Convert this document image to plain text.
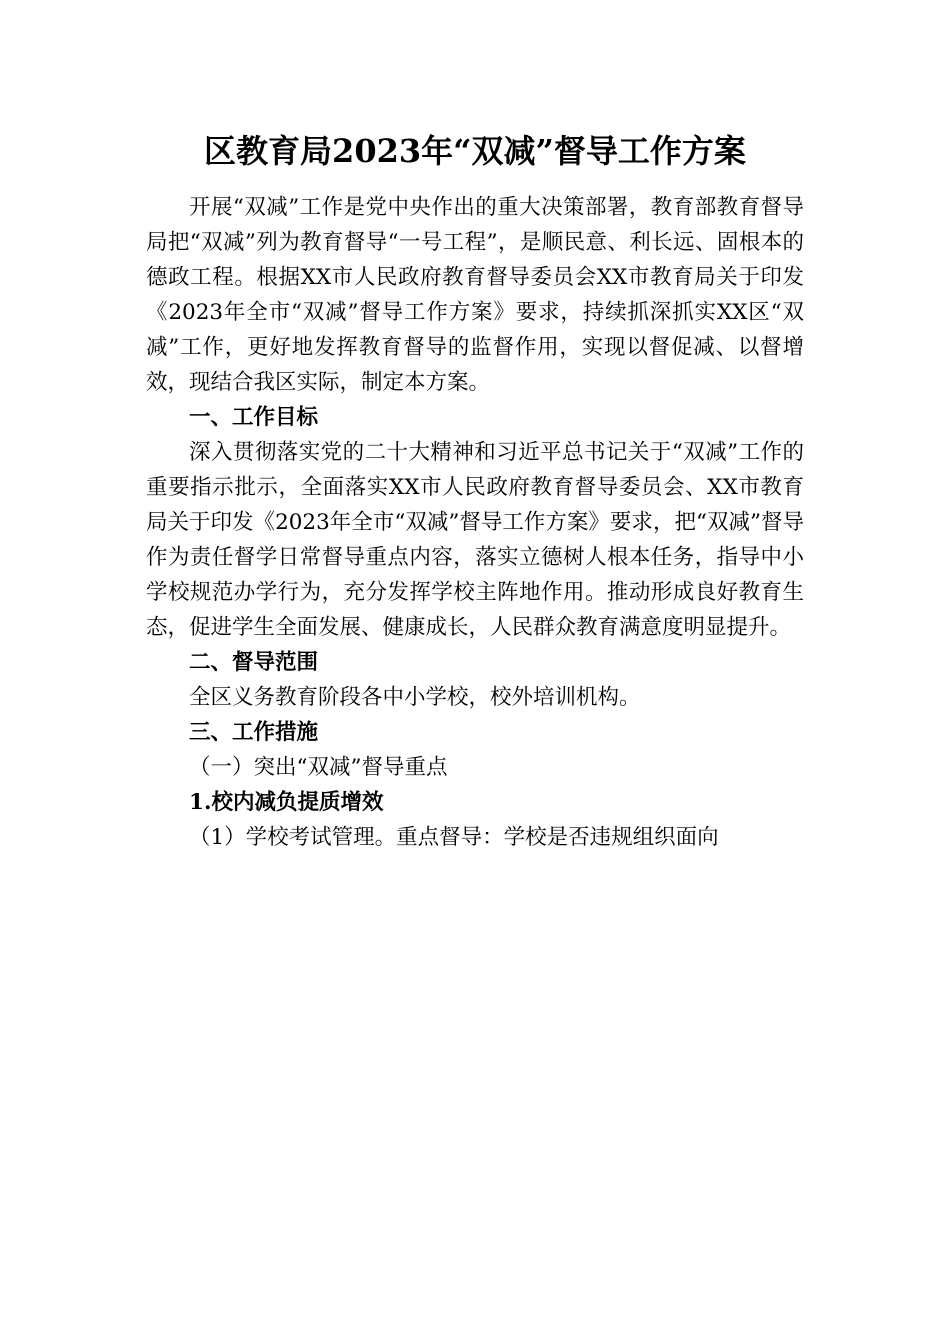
区教育局2023年“双减”督导工作方案

开展“双减”工作是党中央作出的重大决策部署，教育部教育督导局把“双减”列为教育督导“一号工程”，是顺民意、利长远、固根本的德政工程。根据XX市人民政府教育督导委员会XX市教育局关于印发《2023年全市“双减”督导工作方案》要求，持续抓深抓实XX区“双减”工作，更好地发挥教育督导的监督作用，实现以督促减、以督增效，现结合我区实际，制定本方案。

一、工作目标

深入贯彻落实党的二十大精神和习近平总书记关于“双减”工作的重要指示批示，全面落实XX市人民政府教育督导委员会、XX市教育局关于印发《2023年全市“双减”督导工作方案》要求，把“双减”督导作为责任督学日常督导重点内容，落实立德树人根本任务，指导中小学校规范办学行为，充分发挥学校主阵地作用。推动形成良好教育生态，促进学生全面发展、健康成长，人民群众教育满意度明显提升。

二、督导范围

全区义务教育阶段各中小学校，校外培训机构。

三、工作措施

（一）突出“双减”督导重点

1.校内减负提质增效

（1）学校考试管理。重点督导：学校是否违规组织面向
